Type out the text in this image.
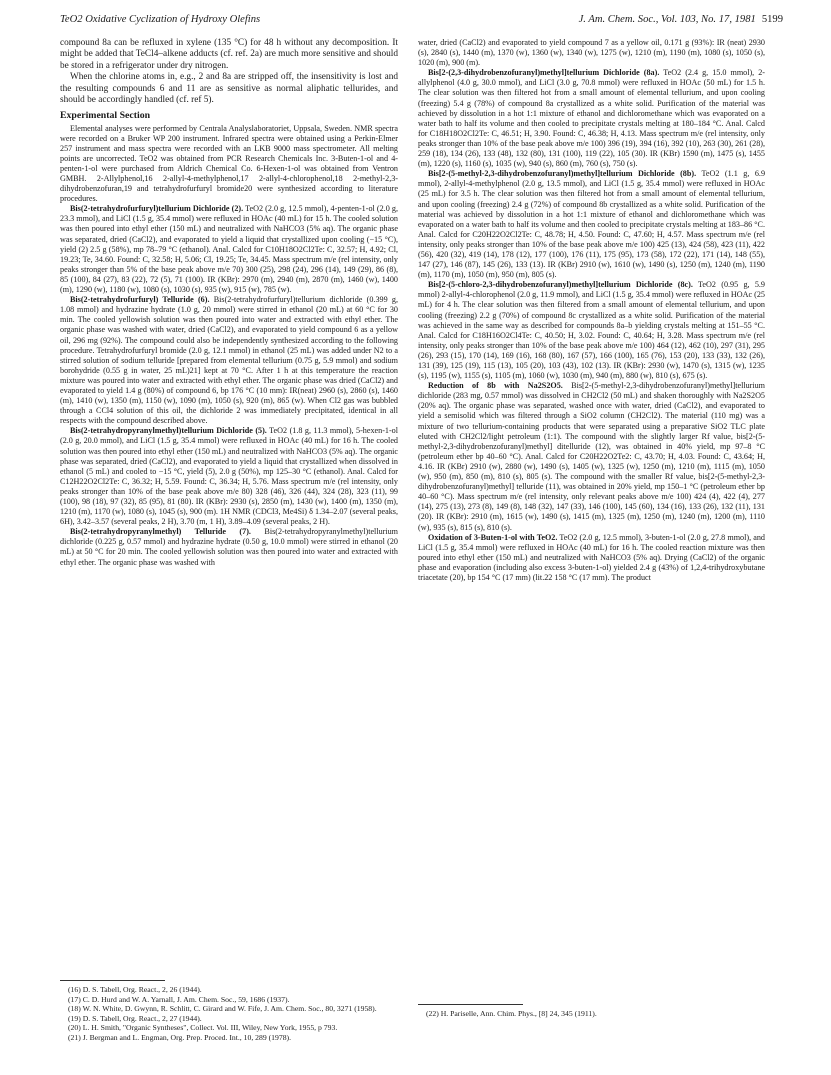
TeO2 Oxidative Cyclization of Hydroxy Olefins	J. Am. Chem. Soc., Vol. 103, No. 17, 1981 5199

compound 8a can be refluxed in xylene (135 °C) for 48 h without any decomposition. It might be added that TeCl4–alkene adducts (cf. ref. 2a) are much more sensitive and should be stored in a refrigerator under dry nitrogen.

When the chlorine atoms in, e.g., 2 and 8a are stripped off, the insensitivity is lost and the resulting compounds 6 and 11 are as sensitive as normal aliphatic tellurides, and should be accordingly handled (cf. ref 5).

Experimental Section

Elemental analyses were performed by Centrala Analyslaboratoriet, Uppsala, Sweden. NMR spectra were recorded on a Bruker WP 200 instrument. Infrared spectra were obtained using a Perkin-Elmer 257 instrument and mass spectra were recorded with an LKB 9000 mass spectrometer. All melting points are uncorrected. TeO2 was obtained from PCR Research Chemicals Inc. 3-Buten-1-ol and 4-penten-1-ol were purchased from Aldrich Chemical Co. 6-Hexen-1-ol was obtained from Ventron GMBH. 2-Allylphenol,16 2-allyl-4-methylphenol,17 2-allyl-4-chlorophenol,18 2-methyl-2,3-dihydrobenzofuran,19 and tetrahydrofurfuryl bromide20 were synthesized according to literature procedures.

Bis(2-tetrahydrofurfuryl)tellurium Dichloride (2). TeO2 (2.0 g, 12.5 mmol), 4-penten-1-ol (2.0 g, 23.3 mmol), and LiCl (1.5 g, 35.4 mmol) were refluxed in HOAc (40 mL) for 15 h. The cooled solution was then poured into ethyl ether (150 mL) and neutralized with NaHCO3 (5% aq). The organic phase was separated, dried (CaCl2), and evaporated to yield a liquid that crystallized upon cooling (−15 °C), yield (2) 2.5 g (58%), mp 78–79 °C (ethanol). Anal. Calcd for C10H18O2Cl2Te: C, 32.57; H, 4.92; Cl, 19.23; Te, 34.60. Found: C, 32.58; H, 5.06; Cl, 19.25; Te, 34.45. Mass spectrum m/e (rel intensity, only peaks stronger than 5% of the base peak above m/e 70) 300 (25), 298 (24), 296 (14), 149 (29), 86 (8), 85 (100), 84 (27), 83 (22), 72 (5), 71 (100). IR (KBr): 2970 (m), 2940 (m), 2870 (m), 1460 (w), 1400 (m), 1290 (w), 1180 (w), 1080 (s), 1030 (s), 935 (w), 915 (w), 785 (w).

Bis(2-tetrahydrofurfuryl) Telluride (6). Bis(2-tetrahydrofurfuryl)tellurium dichloride (0.399 g, 1.08 mmol) and hydrazine hydrate (1.0 g, 20 mmol) were stirred in ethanol (20 mL) at 60 °C for 30 min. The cooled yellowish solution was then poured into water and extracted with ethyl ether. The organic phase was washed with water, dried (CaCl2), and evaporated to yield compound 6 as a yellow oil, 296 mg (92%). The compound could also be independently synthesized according to the following procedure. Tetrahydrofurfuryl bromide (2.0 g, 12.1 mmol) in ethanol (25 mL) was added under N2 to a stirred solution of sodium telluride [prepared from elemental tellurium (0.75 g, 5.9 mmol) and sodium borohydride (0.55 g in water, 25 mL)21] kept at 70 °C. After 1 h at this temperature the reaction mixture was poured into water and extracted with ethyl ether. The organic phase was dried (CaCl2) and evaporated to yield 1.4 g (80%) of compound 6, bp 176 °C (10 mm): IR(neat) 2960 (s), 2860 (s), 1460 (m), 1410 (w), 1350 (m), 1150 (w), 1090 (m), 1050 (s), 920 (m), 865 (w). When Cl2 gas was bubbled through a CCl4 solution of this oil, the dichloride 2 was immediately precipitated, identical in all respects with the compound described above.

Bis(2-tetrahydropyranylmethyl)tellurium Dichloride (5). TeO2 (1.8 g, 11.3 mmol), 5-hexen-1-ol (2.0 g, 20.0 mmol), and LiCl (1.5 g, 35.4 mmol) were refluxed in HOAc (40 mL) for 16 h. The cooled solution was then poured into ethyl ether (150 mL) and neutralized with NaHCO3 (5% aq). The organic phase was separated, dried (CaCl2), and evaporated to yield a liquid that crystallized when dissolved in ethanol (5 mL) and cooled to −15 °C, yield (5), 2.0 g (50%), mp 125–30 °C (ethanol). Anal. Calcd for C12H22O2Cl2Te: C, 36.32; H, 5.59. Found: C, 36.34; H, 5.76. Mass spectrum m/e (rel intensity, only peaks stronger than 10% of the base peak above m/e 80) 328 (46), 326 (44), 324 (28), 323 (11), 99 (100), 98 (18), 97 (32), 85 (95), 81 (80). IR (KBr): 2930 (s), 2850 (m), 1430 (w), 1400 (m), 1350 (m), 1210 (m), 1170 (w), 1080 (s), 1045 (s), 900 (m). 1H NMR (CDCl3, Me4Si) δ 1.34–2.07 (several peaks, 6H), 3.42–3.57 (several peaks, 2 H), 3.70 (m, 1 H), 3.89–4.09 (several peaks, 2 H).

Bis(2-tetrahydropyranylmethyl) Telluride (7). Bis(2-tetrahydropyranylmethyl)tellurium dichloride (0.225 g, 0.57 mmol) and hydrazine hydrate (0.50 g, 10.0 mmol) were stirred in ethanol (20 mL) at 50 °C for 20 min. The cooled yellowish solution was then poured into water and extracted with ethyl ether. The organic phase was washed with

water, dried (CaCl2) and evaporated to yield compound 7 as a yellow oil, 0.171 g (93%): IR (neat) 2930 (s), 2840 (s), 1440 (m), 1370 (w), 1360 (w), 1340 (w), 1275 (w), 1210 (m), 1190 (m), 1080 (s), 1050 (s), 1020 (m), 900 (m).

Bis[2-(2,3-dihydrobenzofuranyl)methyl]tellurium Dichloride (8a). TeO2 (2.4 g, 15.0 mmol), 2-allylphenol (4.0 g, 30.0 mmol), and LiCl (3.0 g, 70.8 mmol) were refluxed in HOAc (50 mL) for 1.5 h. The clear solution was then filtered hot from a small amount of elemental tellurium, and upon cooling (freezing) 5.4 g (78%) of compound 8a crystallized as a white solid. Purification of the material was achieved by dissolution in a hot 1:1 mixture of ethanol and dichloromethane which was evaporated on a water bath to half its volume and then cooled to precipitate crystals melting at 180–184 °C. Anal. Calcd for C18H18O2Cl2Te: C, 46.51; H, 3.90. Found: C, 46.38; H, 4.13. Mass spectrum m/e (rel intensity, only peaks stronger than 10% of the base peak above m/e 100) 396 (19), 394 (16), 392 (10), 263 (30), 261 (28), 259 (18), 134 (26), 133 (48), 132 (80), 131 (100), 119 (22), 105 (30). IR (KBr) 1590 (m), 1475 (s), 1455 (m), 1220 (s), 1160 (s), 1035 (w), 940 (s), 860 (m), 760 (s), 750 (s).

Bis[2-(5-methyl-2,3-dihydrobenzofuranyl)methyl]tellurium Dichloride (8b). TeO2 (1.1 g, 6.9 mmol), 2-allyl-4-methylphenol (2.0 g, 13.5 mmol), and LiCl (1.5 g, 35.4 mmol) were refluxed in HOAc (25 mL) for 3.5 h. The clear solution was then filtered hot from a small amount of elemental tellurium, and upon cooling (freezing) 2.4 g (72%) of compound 8b crystallized as a white solid. Purification of the material was achieved by dissolution in a hot 1:1 mixture of ethanol and dichloromethane which was evaporated on a water bath to half its volume and then cooled to precipitate crystals melting at 183–86 °C. Anal. Calcd for C20H22O2Cl2Te: C, 48.78; H, 4.50. Found: C, 47.60; H, 4.57. Mass spectrum m/e (rel intensity, only peaks stronger than 10% of the base peak above m/e 100) 425 (13), 424 (58), 423 (11), 422 (56), 420 (32), 419 (14), 178 (12), 177 (100), 176 (11), 175 (95), 173 (58), 172 (22), 171 (14), 148 (55), 147 (27), 146 (87), 145 (26), 133 (13). IR (KBr) 2910 (w), 1610 (w), 1490 (s), 1250 (m), 1240 (m), 1190 (m), 1170 (m), 1050 (m), 950 (m), 805 (s).

Bis[2-(5-chloro-2,3-dihydrobenzofuranyl)methyl]tellurium Dichloride (8c). TeO2 (0.95 g, 5.9 mmol) 2-allyl-4-chlorophenol (2.0 g, 11.9 mmol), and LiCl (1.5 g, 35.4 mmol) were refluxed in HOAc (25 mL) for 4 h. The clear solution was then filtered from a small amount of elemental tellurium, and upon cooling (freezing) 2.2 g (70%) of compound 8c crystallized as a white solid. Purification of the material was achieved in the same way as described for compounds 8a–b yielding crystals melting at 151–55 °C. Anal. Calcd for C18H16O2Cl4Te: C, 40.50; H, 3.02. Found: C, 40.64; H, 3.28. Mass spectrum m/e (rel intensity, only peaks stronger than 10% of the base peak above m/e 100) 464 (12), 462 (10), 297 (31), 295 (26), 293 (15), 170 (14), 169 (16), 168 (80), 167 (57), 166 (100), 165 (76), 153 (20), 133 (33), 132 (26), 131 (39), 125 (19), 115 (13), 105 (20), 103 (43), 102 (13). IR (KBr): 2930 (w), 1470 (s), 1315 (w), 1235 (s), 1195 (w), 1155 (s), 1105 (m), 1060 (w), 1030 (m), 940 (m), 880 (w), 810 (s), 675 (s).

Reduction of 8b with Na2S2O5. Bis[2-(5-methyl-2,3-dihydrobenzofuranyl)methyl]tellurium dichloride (283 mg, 0.57 mmol) was dissolved in CH2Cl2 (50 mL) and shaken thoroughly with Na2S2O5 (20% aq). The organic phase was separated, washed once with water, dried (CaCl2), and evaporated to yield a semisolid which was filtered through a SiO2 column (CH2Cl2). The material (110 mg) was a mixture of two tellurium-containing products that were separated using a preparative SiO2 TLC plate eluted with CH2Cl2/light petroleum (1:1). The compound with the slightly larger Rf value, bis[2-(5-methyl-2,3-dihydrobenzofuranyl)methyl] ditelluride (12), was obtained in 40% yield, mp 97–8 °C (petroleum ether bp 40–60 °C). Anal. Calcd for C20H22O2Te2: C, 43.70; H, 4.03. Found: C, 43.64; H, 4.16. IR (KBr) 2910 (w), 2880 (w), 1490 (s), 1405 (w), 1325 (w), 1250 (m), 1210 (m), 1115 (m), 1050 (w), 950 (m), 850 (m), 810 (s), 805 (s). The compound with the smaller Rf value, bis[2-(5-methyl-2,3-dihydrobenzofuranyl)methyl] telluride (11), was obtained in 20% yield, mp 150–1 °C (petroleum ether bp 40–60 °C). Mass spectrum m/e (rel intensity, only relevant peaks above m/e 100) 424 (4), 422 (4), 277 (14), 275 (13), 273 (8), 149 (8), 148 (32), 147 (33), 146 (100), 145 (60), 134 (16), 133 (26), 132 (11), 131 (20). IR (KBr): 2910 (m), 1615 (w), 1490 (s), 1415 (m), 1325 (m), 1250 (m), 1240 (m), 1200 (m), 1110 (w), 935 (s), 815 (s), 810 (s).

Oxidation of 3-Buten-1-ol with TeO2. TeO2 (2.0 g, 12.5 mmol), 3-buten-1-ol (2.0 g, 27.8 mmol), and LiCl (1.5 g, 35.4 mmol) were refluxed in HOAc (40 mL) for 16 h. The cooled reaction mixture was then poured into ethyl ether (150 mL) and neutralized with NaHCO3 (5% aq). Drying (CaCl2) of the organic phase and evaporation (including also excess 3-buten-1-ol) yielded 2.4 g (43%) of 1,2,4-trihydroxybutane triacetate (20), bp 154 °C (17 mm) (lit.22 158 °C (17 mm). The product

(16) D. S. Tabell, Org. React., 2, 26 (1944).
(17) C. D. Hurd and W. A. Yarnall, J. Am. Chem. Soc., 59, 1686 (1937).
(18) W. N. White, D. Gwynn, R. Schlitt, C. Girard and W. Fife, J. Am. Chem. Soc., 80, 3271 (1958).
(19) D. S. Tabell, Org. React., 2, 27 (1944).
(20) L. H. Smith, "Organic Syntheses", Collect. Vol. III, Wiley, New York, 1955, p 793.
(21) J. Bergman and L. Engman, Org. Prep. Proced. Int., 10, 289 (1978).
(22) H. Pariselle, Ann. Chim. Phys., [8] 24, 345 (1911).
